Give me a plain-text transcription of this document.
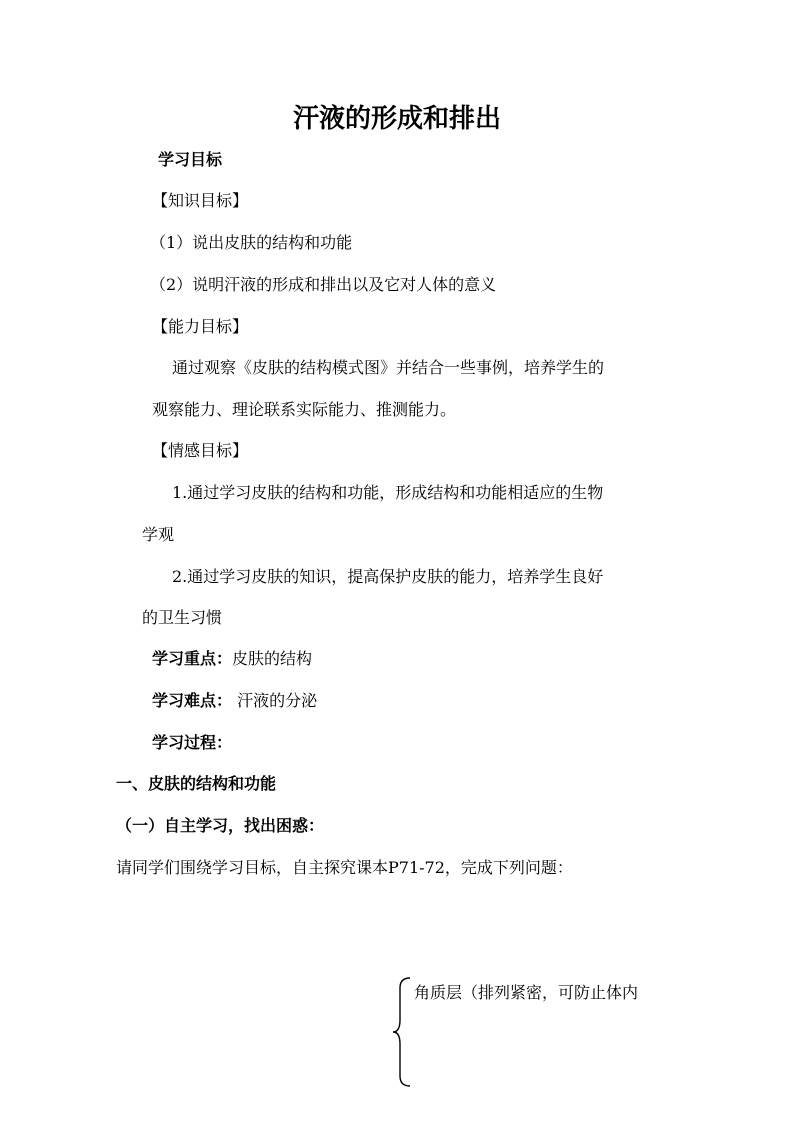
汗液的形成和排出
学习目标
【知识目标】
（1）说出皮肤的结构和功能
（2）说明汗液的形成和排出以及它对人体的意义
【能力目标】
通过观察《皮肤的结构模式图》并结合一些事例，培养学生的
观察能力、理论联系实际能力、推测能力。
【情感目标】
1.通过学习皮肤的结构和功能，形成结构和功能相适应的生物
学观
2.通过学习皮肤的知识，提高保护皮肤的能力，培养学生良好
的卫生习惯
学习重点：皮肤的结构
学习难点： 汗液的分泌
学习过程：
一、皮肤的结构和功能
（一）自主学习，找出困惑：
请同学们围绕学习目标，自主探究课本P71-72，完成下列问题：
角质层（排列紧密，可防止体内
